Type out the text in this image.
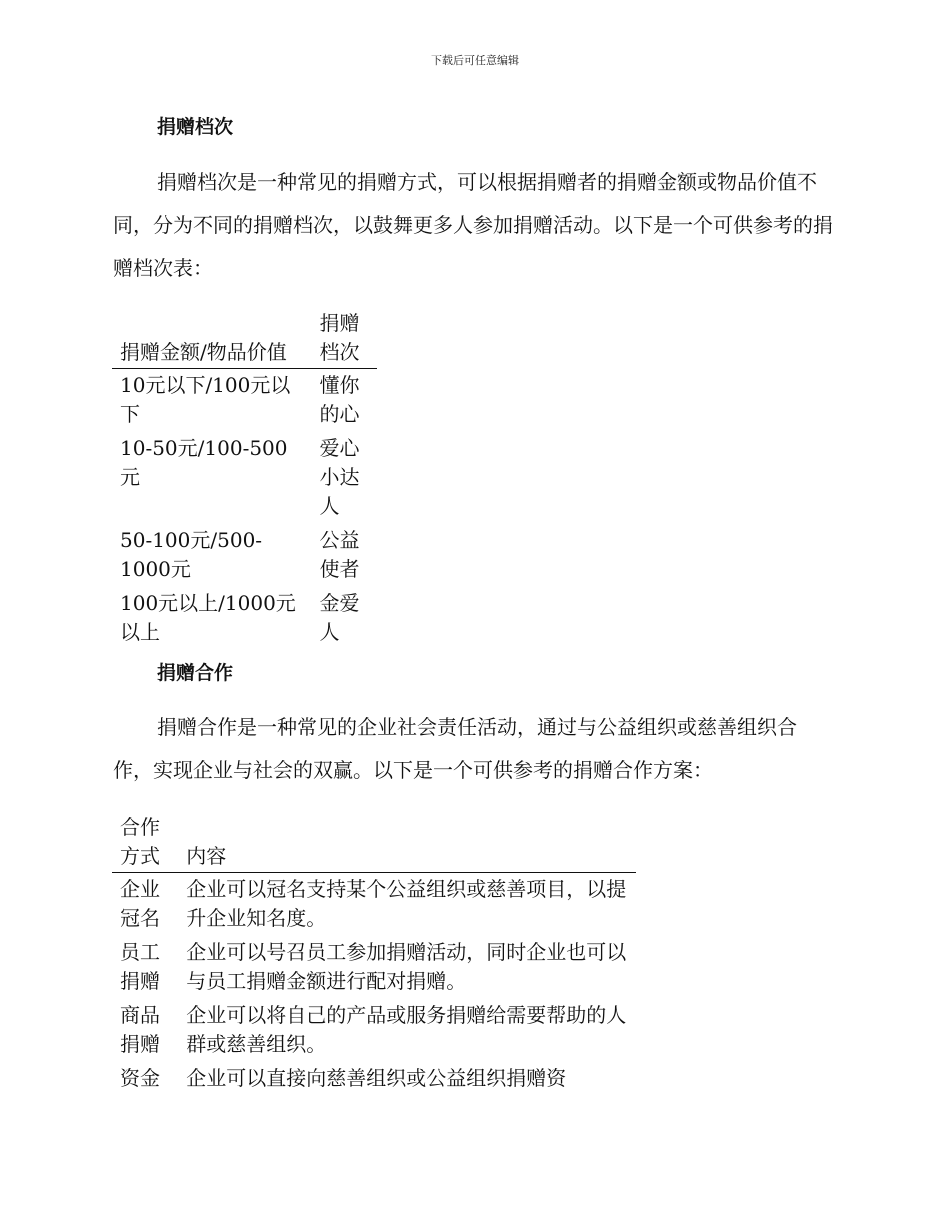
下载后可任意编辑
捐赠档次

捐赠档次是一种常见的捐赠方式，可以根据捐赠者的捐赠金额或物品价值不同，分为不同的捐赠档次，以鼓舞更多人参加捐赠活动。以下是一个可供参考的捐赠档次表：

捐赠金额/物品价值	捐赠档次
10元以下/100元以下	懂你的心
10-50元/100-500元	爱心小达人
50-100元/500-1000元	公益使者
100元以上/1000元以上	金爱人
捐赠合作

捐赠合作是一种常见的企业社会责任活动，通过与公益组织或慈善组织合作，实现企业与社会的双赢。以下是一个可供参考的捐赠合作方案：

合作方式	内容
企业冠名	企业可以冠名支持某个公益组织或慈善项目，以提升企业知名度。
员工捐赠	企业可以号召员工参加捐赠活动，同时企业也可以与员工捐赠金额进行配对捐赠。
商品捐赠	企业可以将自己的产品或服务捐赠给需要帮助的人群或慈善组织。
资金	企业可以直接向慈善组织或公益组织捐赠资
